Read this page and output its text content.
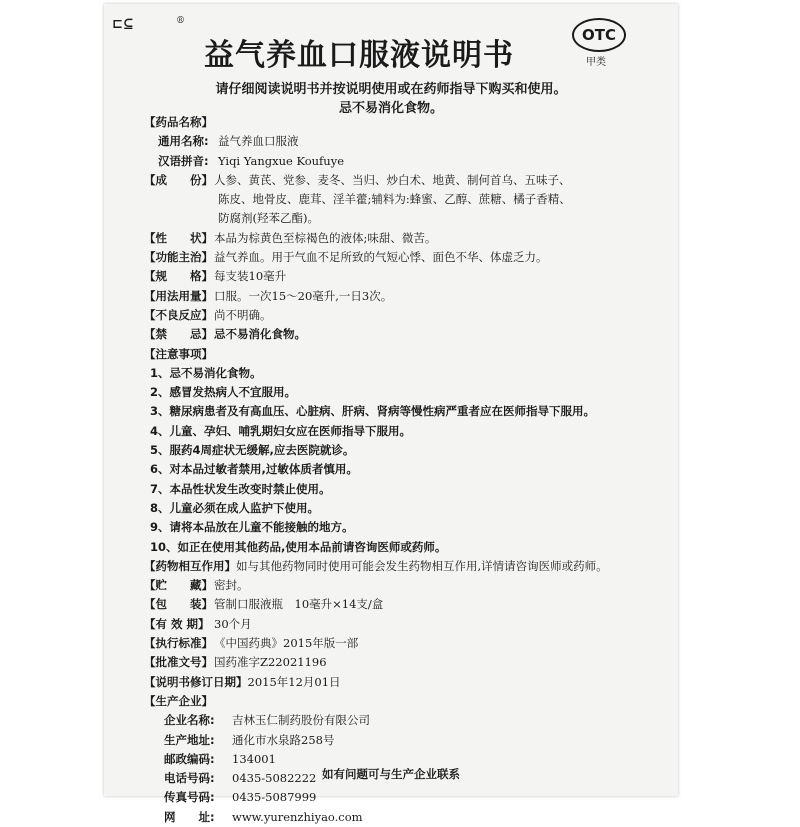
⊏⊆	®
益气养血口服液说明书
OTC
甲类
请仔细阅读说明书并按说明使用或在药师指导下购买和使用。
忌不易消化食物。
【药品名称】
通用名称: 益气养血口服液
汉语拼音: Yiqi Yangxue Koufuye
【成　　份】人参、黄芪、党参、麦冬、当归、炒白术、地黄、制何首乌、五味子、
陈皮、地骨皮、鹿茸、淫羊藿;辅料为:蜂蜜、乙醇、蔗糖、橘子香精、
防腐剂(羟苯乙酯)。
【性　　状】本品为棕黄色至棕褐色的液体;味甜、微苦。
【功能主治】益气养血。用于气血不足所致的气短心悸、面色不华、体虚乏力。
【规　　格】每支装10毫升
【用法用量】口服。一次15～20毫升,一日3次。
【不良反应】尚不明确。
【禁　　忌】忌不易消化食物。
【注意事项】
1、忌不易消化食物。
2、感冒发热病人不宜服用。
3、糖尿病患者及有高血压、心脏病、肝病、肾病等慢性病严重者应在医师指导下服用。
4、儿童、孕妇、哺乳期妇女应在医师指导下服用。
5、服药4周症状无缓解,应去医院就诊。
6、对本品过敏者禁用,过敏体质者慎用。
7、本品性状发生改变时禁止使用。
8、儿童必须在成人监护下使用。
9、请将本品放在儿童不能接触的地方。
10、如正在使用其他药品,使用本品前请咨询医师或药师。
【药物相互作用】如与其他药物同时使用可能会发生药物相互作用,详情请咨询医师或药师。
【贮　　藏】密封。
【包　　装】管制口服液瓶　10毫升×14支/盒
【有 效 期】 30个月
【执行标准】《中国药典》2015年版一部
【批准文号】国药准字Z22021196
【说明书修订日期】2015年12月01日
【生产企业】
企业名称: 吉林玉仁制药股份有限公司
生产地址: 通化市水泉路258号
邮政编码: 134001
电话号码: 0435-5082222
传真号码: 0435-5087999
网　　址: www.yurenzhiyao.com
如有问题可与生产企业联系
